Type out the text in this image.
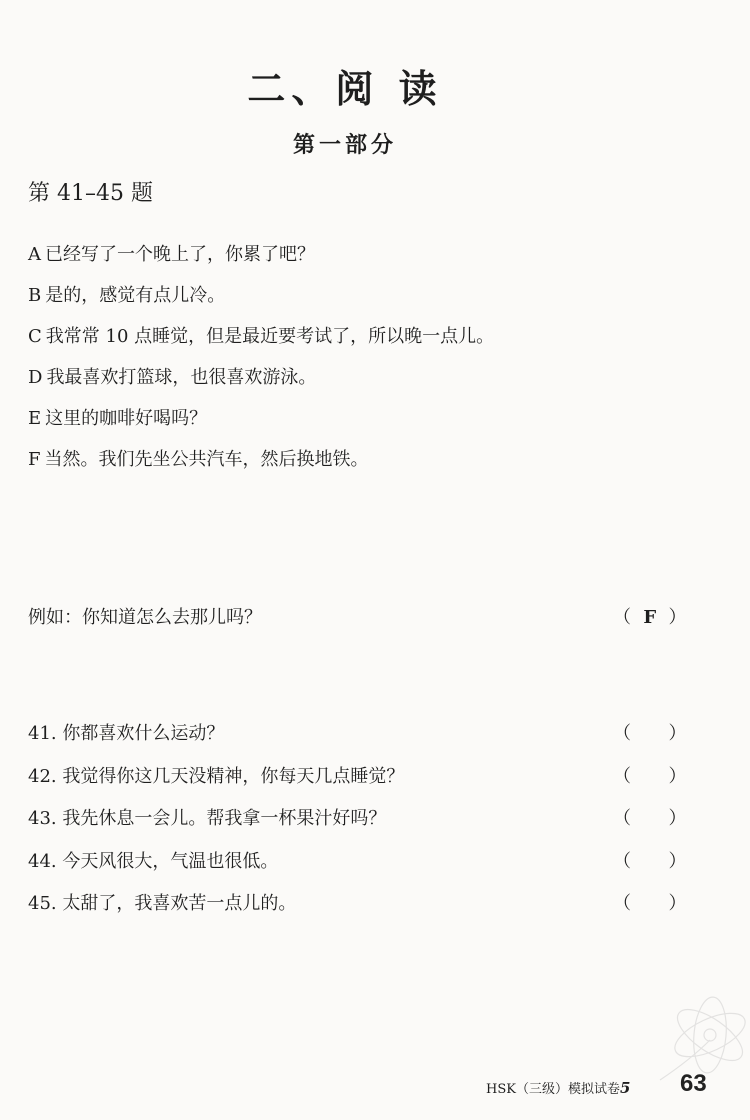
二、阅 读
第一部分
第 41–45 题
A 已经写了一个晚上了，你累了吧？
B 是的，感觉有点儿冷。
C 我常常 10 点睡觉，但是最近要考试了，所以晚一点儿。
D 我最喜欢打篮球，也很喜欢游泳。
E 这里的咖啡好喝吗？
F 当然。我们先坐公共汽车，然后换地铁。
例如：你知道怎么去那儿吗？	（ F ）
41. 你都喜欢什么运动？	（  ）
42. 我觉得你这几天没精神，你每天几点睡觉？	（  ）
43. 我先休息一会儿。帮我拿一杯果汁好吗？	（  ）
44. 今天风很大，气温也很低。	（  ）
45. 太甜了，我喜欢苦一点儿的。	（  ）
HSK（三级）模拟试卷5 63
